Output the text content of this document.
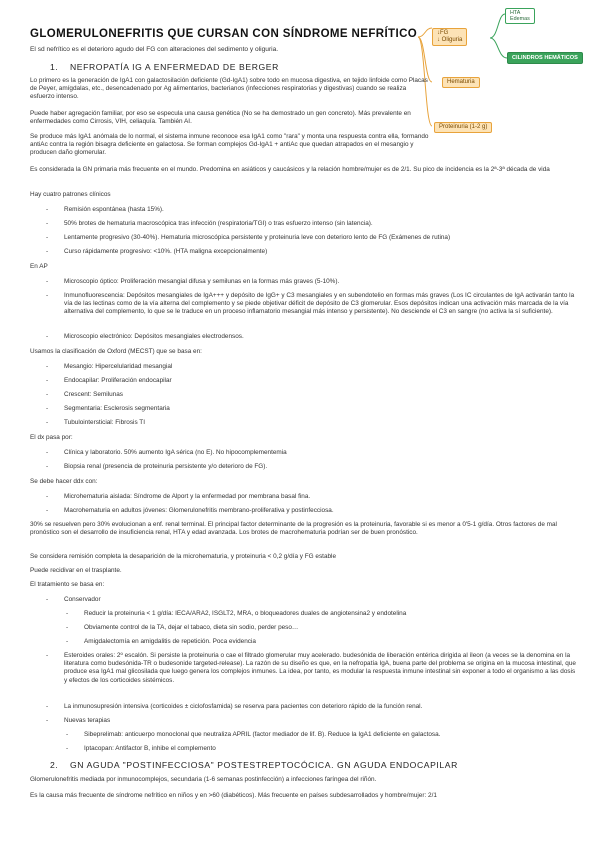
↓FG
↓ Oliguria
HTA
Edemas
CILINDROS HEMÁTICOS
Hematuria
Proteinuria (1-2 g)
GLOMERULONEFRITIS QUE CURSAN CON SÍNDROME NEFRÍTICO
El sd nefrítico es el deterioro agudo del FG con alteraciones del sedimento y oliguria.
1. NEFROPATÍA IG A ENFERMEDAD DE BERGER
Lo primero es la generación de IgA1 con galactosilación deficiente (Gd-IgA1) sobre todo en mucosa digestiva, en tejido linfoide como Placas de Peyer, amígdalas, etc., desencadenado por Ag alimentarios, bacterianos (infecciones respiratorias y digestivas) cuando se realiza esfuerzo intenso.
Puede haber agregación familiar, por eso se especula una causa genética (No se ha demostrado un gen concreto). Más prevalente en enfermedades como Cirrosis, VIH, celiaquía. También AI.
Se produce más IgA1 anómala de lo normal, el sistema inmune reconoce esa IgA1 como "rara" y monta una respuesta contra ella, formando antiAc contra la región bisagra deficiente en galactosa. Se forman complejos Gd-IgA1 + antiAc que quedan atrapados en el mesangio y producen daño glomerular.
Es considerada la GN primaria más frecuente en el mundo. Predomina en asiáticos y caucásicos y la relación hombre/mujer es de 2/1. Su pico de incidencia es la 2ª-3ª década de vida
Hay cuatro patrones clínicos
- Remisión espontánea (hasta 15%).
- 50% brotes de hematuria macroscópica tras infección (respiratoria/TGI) o tras esfuerzo intenso (sin latencia).
- Lentamente progresivo (30-40%). Hematuria microscópica persistente y proteinuria leve con deterioro lento de FG (Exámenes de rutina)
- Curso rápidamente progresivo: <10%. (HTA maligna excepcionalmente)
En AP
- Microscopio óptico: Proliferación mesangial difusa y semilunas en la formas más graves (5-10%).
- Inmunofluorescencia: Depósitos mesangiales de IgA+++ y depósito de IgG+ y C3 mesangiales y en subendotelio en formas más graves (Los IC circulantes de IgA activarán tanto la vía de las lectinas como de la vía alterna del complemento y se piede objetivar déficit de depósito de C3 glomerular. Esos depósitos indican una activación más marcada de la vía alternativa del complemento, lo que se le traduce en un proceso inflamatorio mesangial más intenso y persistente). No desciende el C3 en sangre (no activa la sí suficiente).
- Microscopio electrónico: Depósitos mesangiales electrodensos.
Usamos la clasificación de Oxford (MECST) que se basa en:
- Mesangio: Hipercelularidad mesangial
- Endocapilar: Proliferación endocapilar
- Crescent: Semilunas
- Segmentaria: Esclerosis segmentaria
- Tubulointersticial: Fibrosis TI
El dx pasa por:
- Clínica y laboratorio. 50% aumento IgA sérica (no E). No hipocomplementemia
- Biopsia renal (presencia de proteinuria persistente y/o deterioro de FG).
Se debe hacer ddx con:
- Microhematuria aislada: Síndrome de Alport y la enfermedad por membrana basal fina.
- Macrohematuria en adultos jóvenes: Glomerulonefritis membrano-proliferativa y postinfecciosa.
30% se resuelven pero 30% evolucionan a enf. renal terminal. El principal factor determinante de la progresión es la proteinuria, favorable si es menor a 0'5-1 g/día. Otros factores de mal pronóstico son el desarrollo de insuficiencia renal, HTA y edad avanzada. Los brotes de macrohematuria podrían ser de buen pronóstico.
Se considera remisión completa la desaparición de la microhematuria, y proteinuria < 0,2 g/día y FG estable
Puede recidivar en el trasplante.
El tratamiento se basa en:
- Conservador
- Reducir la proteinuria < 1 g/día: IECA/ARA2, ISGLT2, MRA, o bloqueadores duales de angiotensina2 y endotelina
- Obviamente control de la TA, dejar el tabaco, dieta sin sodio, perder peso…
- Amigdalectomía en amigdalitis de repetición. Poca evidencia
- Esteroides orales: 2º escalón. Si persiste la proteinuria o cae el filtrado glomerular muy acelerado. budesónida de liberación entérica dirigida al íleon (a veces se la denomina en la literatura como budesónida-TR o budesonide targeted-release). La razón de su diseño es que, en la nefropatía IgA, buena parte del problema se origina en la mucosa intestinal, que produce esa IgA1 mal glicosilada que luego genera los complejos inmunes. La idea, por tanto, es modular la respuesta inmune intestinal sin exponer a todo el organismo a las dosis y efectos de los corticoides sistémicos.
- La inmunosupresión intensiva (corticoides ± ciclofosfamida) se reserva para pacientes con deterioro rápido de la función renal.
- Nuevas terapias
- Sibeprelimab: anticuerpo monoclonal que neutraliza APRIL (factor mediador de lif. B). Reduce la IgA1 deficiente en galactosa.
- Iptacopan: Antifactor B, inhibe el complemento
2. GN AGUDA "POSTINFECCIOSA" POSTESTREPTOCÓCICA. GN AGUDA ENDOCAPILAR
Glomerulonefritis mediada por inmunocomplejos, secundaria (1-6 semanas postinfección) a infecciones faríngea del riñón.
Es la causa más frecuente de síndrome nefrítico en niños y en >60 (diabéticos). Más frecuente en países subdesarrollados y hombre/mujer: 2/1
